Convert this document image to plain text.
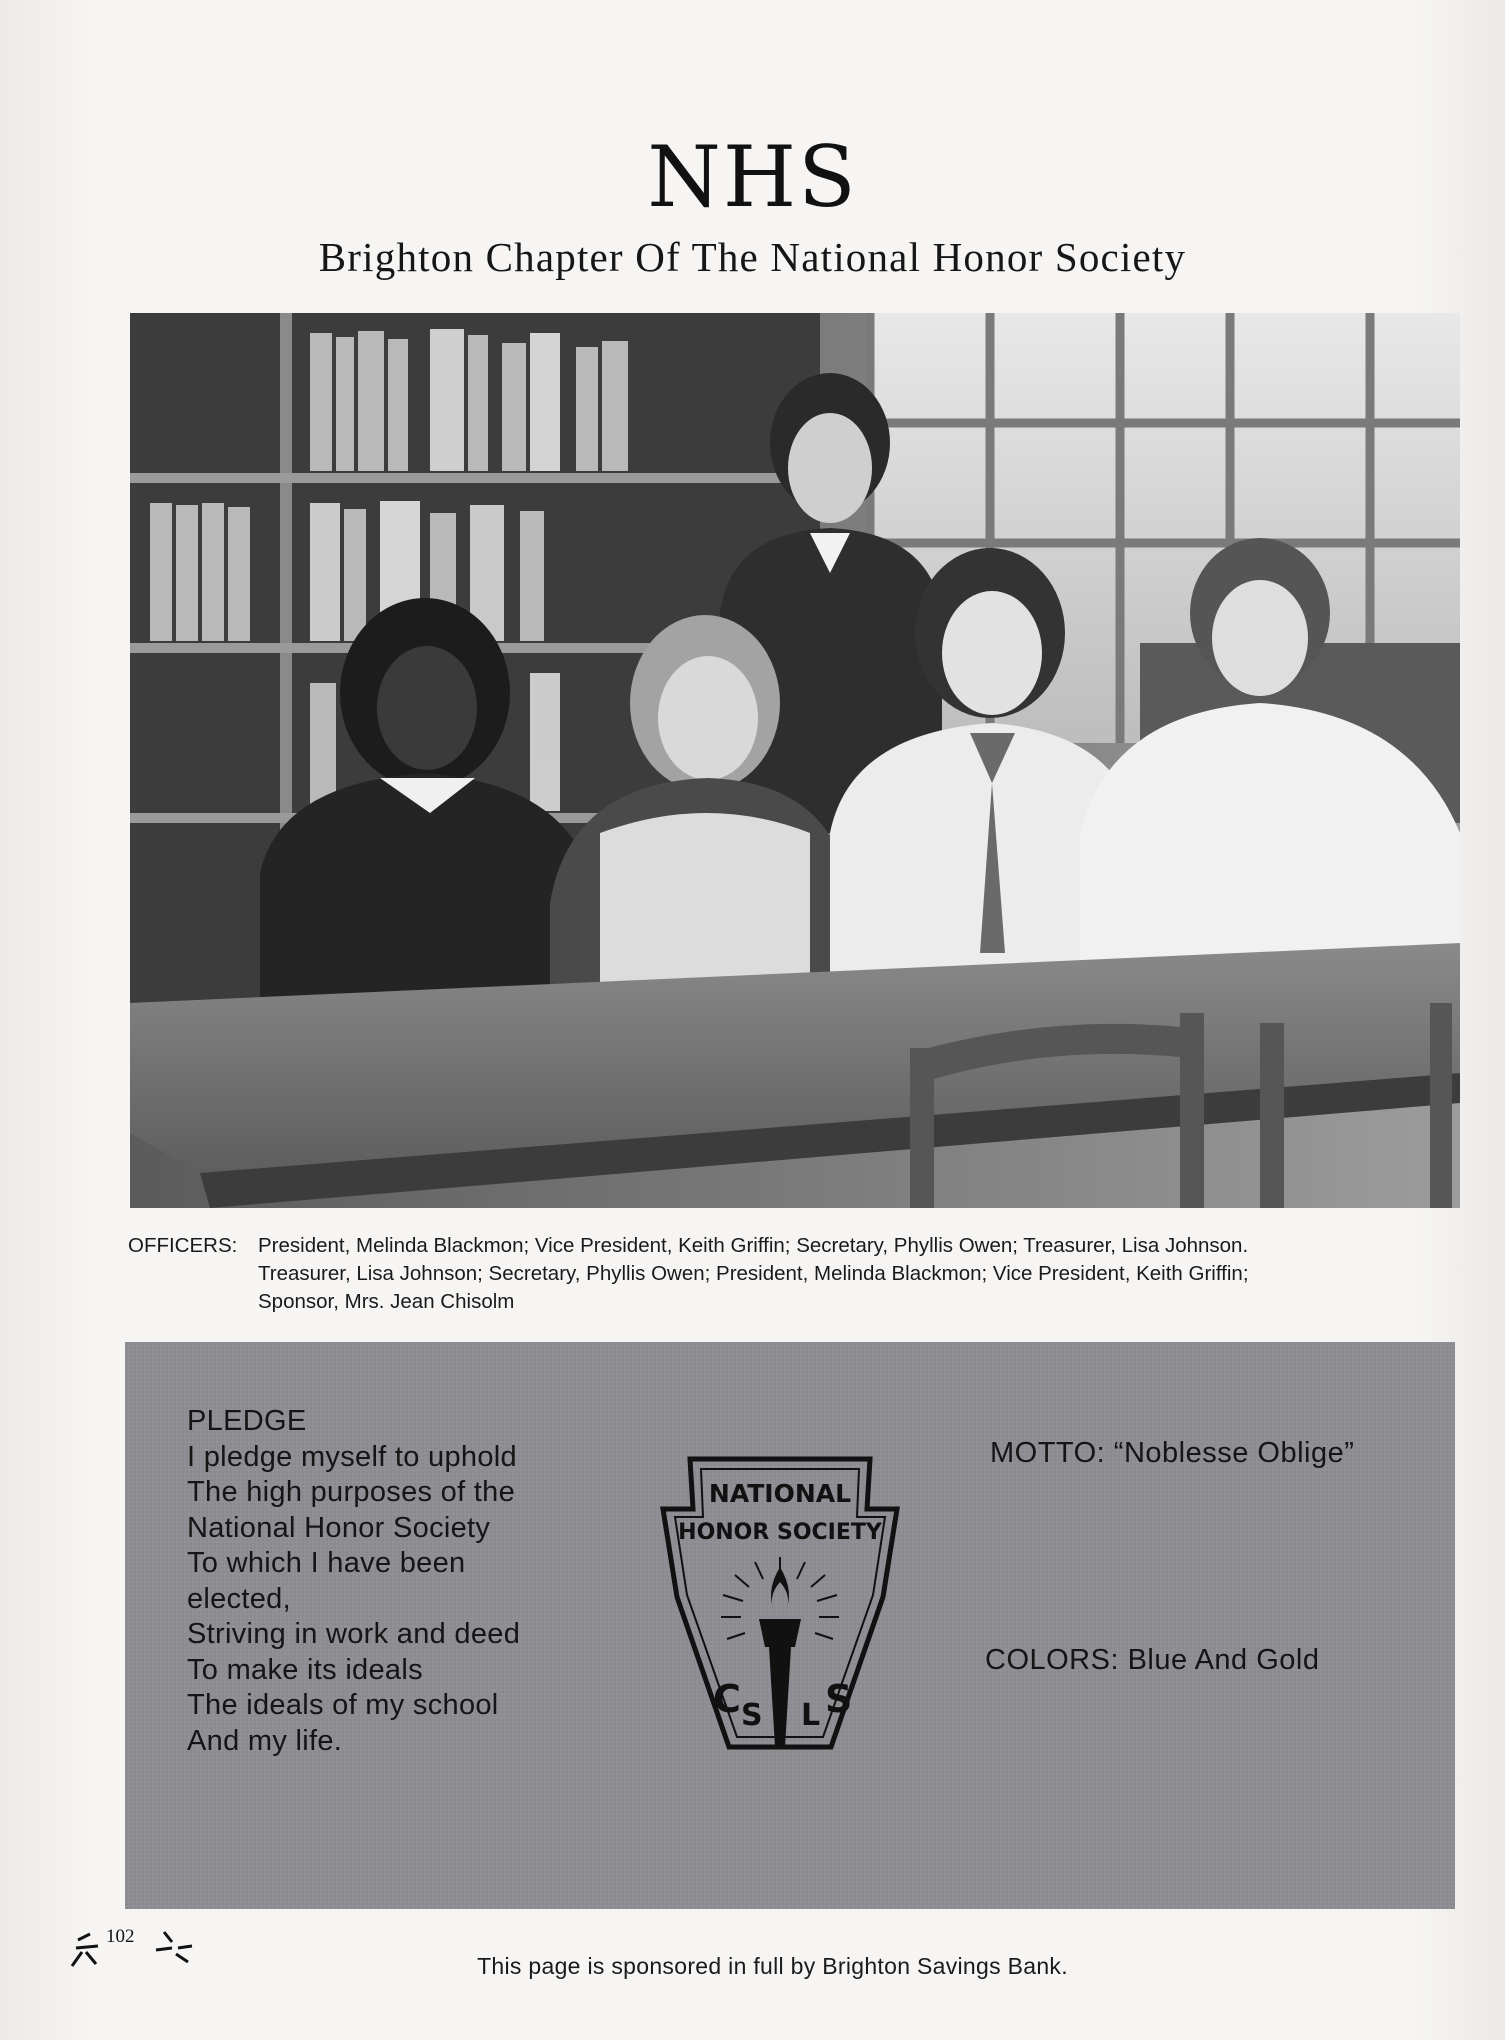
NHS
Brighton Chapter Of The National Honor Society
OFFICERS: President, Melinda Blackmon; Vice President, Keith Griffin; Secretary, Phyllis Owen; Treasurer, Lisa Johnson.
Treasurer, Lisa Johnson; Secretary, Phyllis Owen; President, Melinda Blackmon; Vice President, Keith Griffin;
Sponsor, Mrs. Jean Chisolm
PLEDGE
I pledge myself to uphold
The high purposes of the
National Honor Society
To which I have been
elected,
Striving in work and deed
To make its ideals
The ideals of my school
And my life.
NATIONAL
HONOR SOCIETY
C S L S
MOTTO: “Noblesse Oblige”
COLORS: Blue And Gold
102
This page is sponsored in full by Brighton Savings Bank.
